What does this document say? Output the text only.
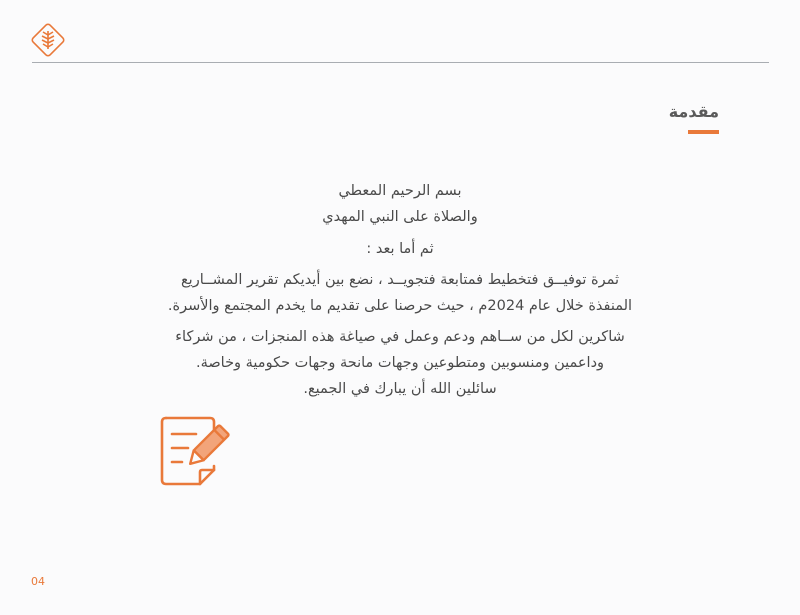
مقدمة

بسم الرحيم المعطي

والصلاة على النبي المهدي

ثم أما بعد :

ثمرة توفيــق فتخطيط فمتابعة فتجويــد ، نضع بين أيديكم تقرير المشــاريع

المنفذة خلال عام 2024م ، حيث حرصنا على تقديم ما يخدم المجتمع والأسرة.

شاكرين لكل من ســاهم ودعم وعمل في صياغة هذه المنجزات ، من شركاء

وداعمين ومنسوبين ومتطوعين وجهات مانحة وجهات حكومية وخاصة.

سائلين الله أن يبارك في الجميع.

04
